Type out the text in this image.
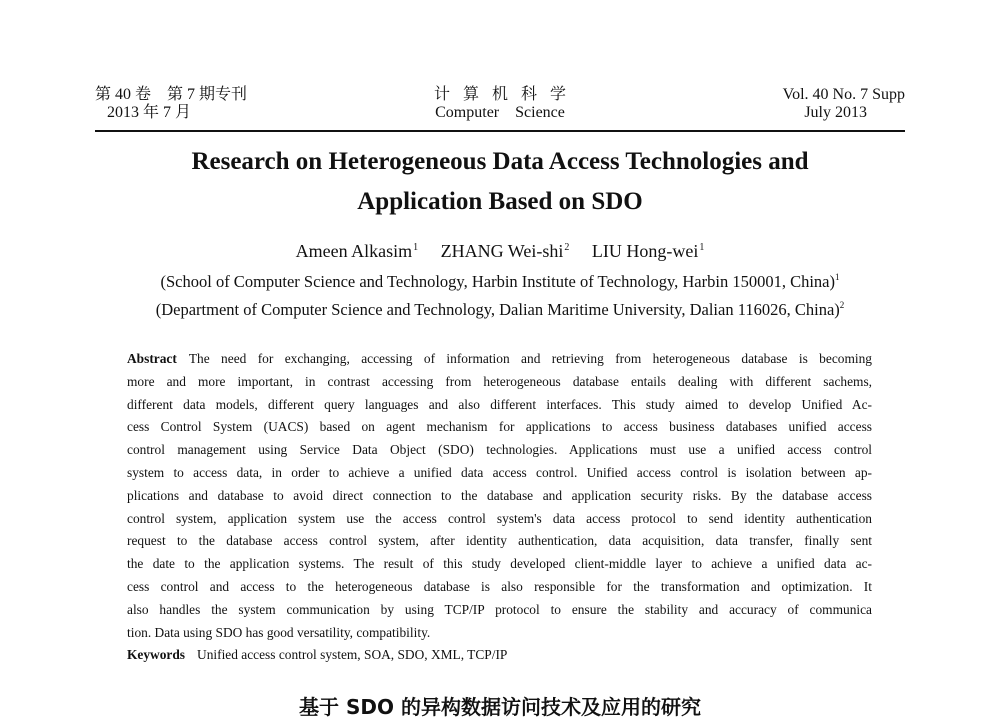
计算机科学
Computer　Science
第 40 卷　第 7 期专刊
2013 年 7 月
Vol. 40 No. 7 Supp
July 2013
Research on Heterogeneous Data Access Technologies and
Application Based on SDO
Ameen Alkasim$^1$ ZHANG Wei-shi$^2$ LIU Hong-wei$^1$
(School of Computer Science and Technology, Harbin Institute of Technology, Harbin 150001, China)$^1$
(Department of Computer Science and Technology, Dalian Maritime University, Dalian 116026, China)$^2$
Abstract The need for exchanging, accessing of information and retrieving from heterogeneous database is becoming
more and more important, in contrast accessing from heterogeneous database entails dealing with different sachems,
different data models, different query languages and also different interfaces. This study aimed to develop Unified Ac-
cess Control System (UACS) based on agent mechanism for applications to access business databases unified access
control management using Service Data Object (SDO) technologies. Applications must use a unified access control
system to access data, in order to achieve a unified data access control. Unified access control is isolation between ap-
plications and database to avoid direct connection to the database and application security risks. By the database access
control system, application system use the access control system's data access protocol to send identity authentication
request to the database access control system, after identity authentication, data acquisition, data transfer, finally sent
the date to the application systems. The result of this study developed client-middle layer to achieve a unified data ac-
cess control and access to the heterogeneous database is also responsible for the transformation and optimization. It
also handles the system communication by using TCP/IP protocol to ensure the stability and accuracy of communica
tion. Data using SDO has good versatility, compatibility.
Keywords Unified access control system, SOA, SDO, XML, TCP/IP
基于 SDO 的异构数据访问技术及应用的研究
